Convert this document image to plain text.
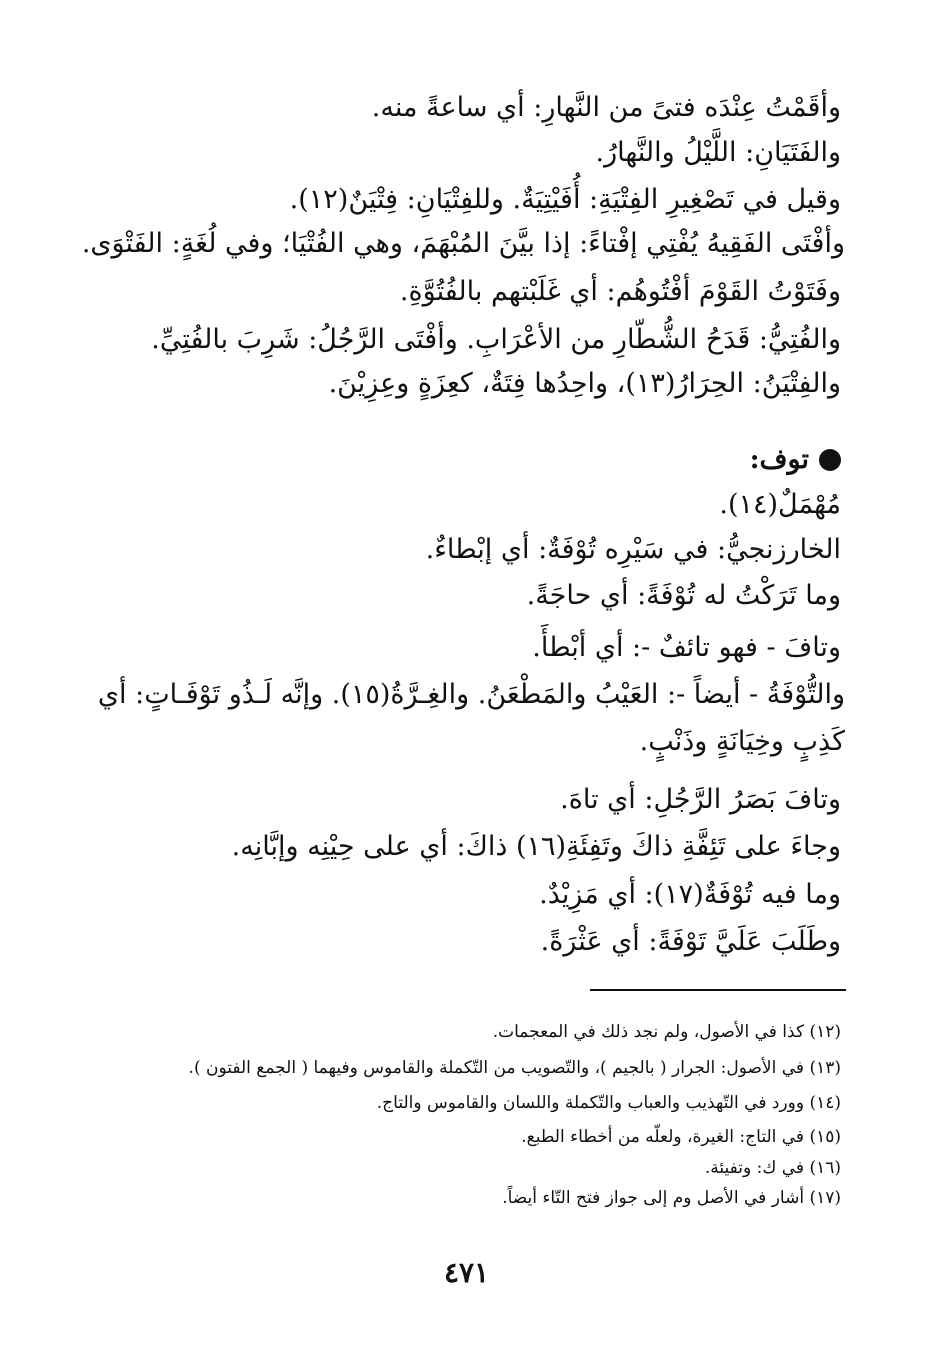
وأقَمْتُ عِنْدَه فتىً من النَّهارِ: أي ساعةً منه.
والفَتَيَانِ: اللَّيْلُ والنَّهارُ.
وقيل في تَصْغِيرِ الفِتْيَةِ: أُفَيْتِيَةٌ. وللفِتْيَانِ: فِتْيَنٌ(١٢).
وأفْتَى الفَقِيهُ يُفْتِي إفْتاءً: إذا بيَّنَ المُبْهَمَ، وهي الفُتْيَا؛ وفي لُغَةٍ: الفَتْوَى.
وفَتَوْتُ القَوْمَ أفْتُوهُم: أي غَلَبْتهم بالفُتُوَّةِ.
والفُتِيُّ: قَدَحُ الشُّطّارِ من الأعْرَابِ. وأفْتَى الرَّجُلُ: شَرِبَ بالفُتِيِّ.
والفِتْيَنُ: الحِرَارُ(١٣)، واحِدُها فِتَةٌ، كعِزَةٍ وعِزِيْنَ.
توف:
مُهْمَلٌ(١٤).
الخارزنجيُّ: في سَيْرِه تُوْفَةٌ: أي إبْطاءٌ.
وما تَرَكْتُ له تُوْفَةً: أي حاجَةً.
وتافَ - فهو تائفٌ -: أي أبْطأَ.
والتُّوْفَةُ - أيضاً -: العَيْبُ والمَطْعَنُ. والغِـرَّةُ(١٥). وإنَّه لَـذُو تَوْفَـاتٍ: أي
كَذِبٍ وخِيَانَةٍ وذَنْبٍ.
وتافَ بَصَرُ الرَّجُلِ: أي تاهَ.
وجاءَ على تَئِفَّةِ ذاكَ وتَفِئَةِ(١٦) ذاكَ: أي على حِيْنِه وإبَّانِه.
وما فيه تُوْفَةٌ(١٧): أي مَزِيْدٌ.
وطَلَبَ عَلَيَّ تَوْفَةً: أي عَثْرَةً.
(١٢) كذا في الأصول، ولم نجد ذلك في المعجمات.
(١٣) في الأصول: الجرار ( بالجيم )، والتّصويب من التّكملة والقاموس وفيهما ( الجمع الفتون ).
(١٤) وورد في التّهذيب والعباب والتّكملة واللسان والقاموس والتاج.
(١٥) في التاج: الغيرة، ولعلّه من أخطاء الطبع.
(١٦) في ك: وتفيئة.
(١٧) أشار في الأصل وم إلى جواز فتح التّاء أيضاً.
٤٧١
